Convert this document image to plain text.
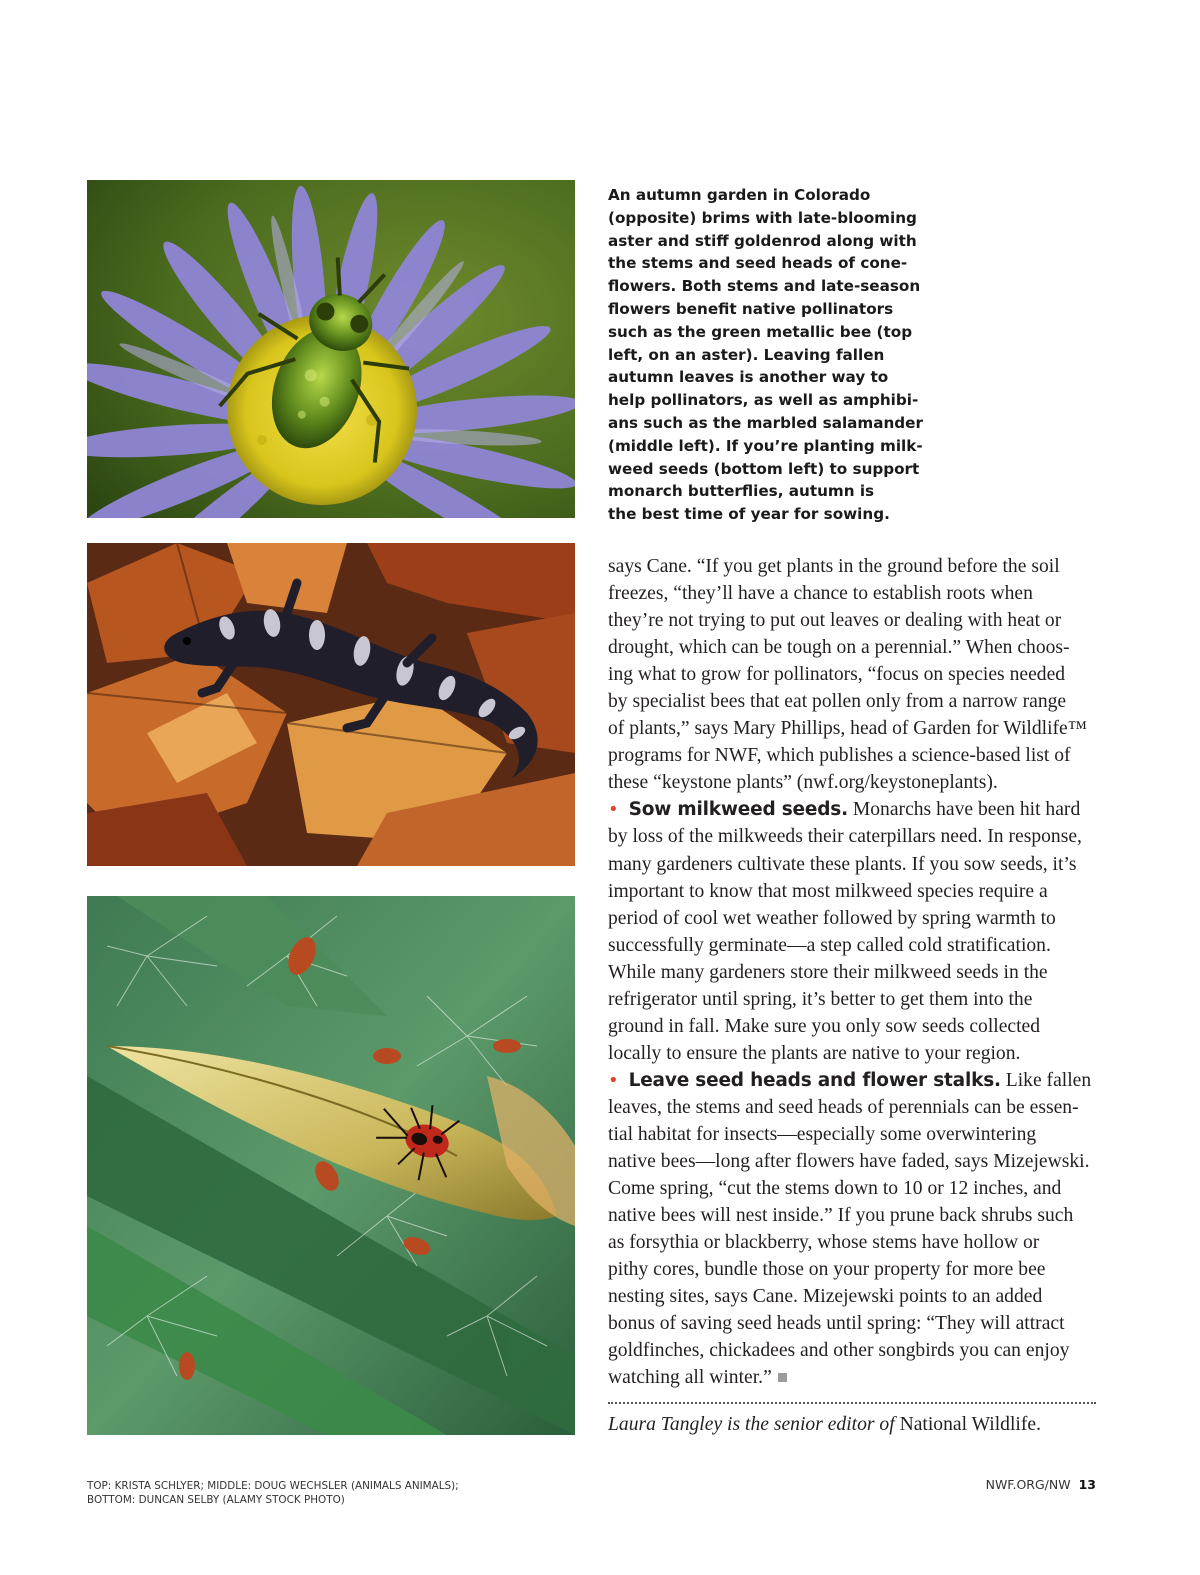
An autumn garden in Colorado
(opposite) brims with late-blooming
aster and stiff goldenrod along with
the stems and seed heads of cone-
flowers. Both stems and late-season
flowers benefit native pollinators
such as the green metallic bee (top
left, on an aster). Leaving fallen
autumn leaves is another way to
help pollinators, as well as amphibi-
ans such as the marbled salamander
(middle left). If you’re planting milk-
weed seeds (bottom left) to support
monarch butterflies, autumn is
the best time of year for sowing.
says Cane. “If you get plants in the ground before the soil
freezes, “they’ll have a chance to establish roots when
they’re not trying to put out leaves or dealing with heat or
drought, which can be tough on a perennial.” When choos-
ing what to grow for pollinators, “focus on species needed
by specialist bees that eat pollen only from a narrow range
of plants,” says Mary Phillips, head of Garden for Wildlife™
programs for NWF, which publishes a science-based list of
these “keystone plants” (nwf.org/keystoneplants).
• Sow milkweed seeds. Monarchs have been hit hard
by loss of the milkweeds their caterpillars need. In response,
many gardeners cultivate these plants. If you sow seeds, it’s
important to know that most milkweed species require a
period of cool wet weather followed by spring warmth to
successfully germinate—a step called cold stratification.
While many gardeners store their milkweed seeds in the
refrigerator until spring, it’s better to get them into the
ground in fall. Make sure you only sow seeds collected
locally to ensure the plants are native to your region.
• Leave seed heads and flower stalks. Like fallen
leaves, the stems and seed heads of perennials can be essen-
tial habitat for insects—especially some overwintering
native bees—long after flowers have faded, says Mizejewski.
Come spring, “cut the stems down to 10 or 12 inches, and
native bees will nest inside.” If you prune back shrubs such
as forsythia or blackberry, whose stems have hollow or
pithy cores, bundle those on your property for more bee
nesting sites, says Cane. Mizejewski points to an added
bonus of saving seed heads until spring: “They will attract
goldfinches, chickadees and other songbirds you can enjoy
watching all winter.”
Laura Tangley is the senior editor of National Wildlife.
TOP: KRISTA SCHLYER; MIDDLE: DOUG WECHSLER (ANIMALS ANIMALS);
BOTTOM: DUNCAN SELBY (ALAMY STOCK PHOTO)
NWF.ORG/NW 13
